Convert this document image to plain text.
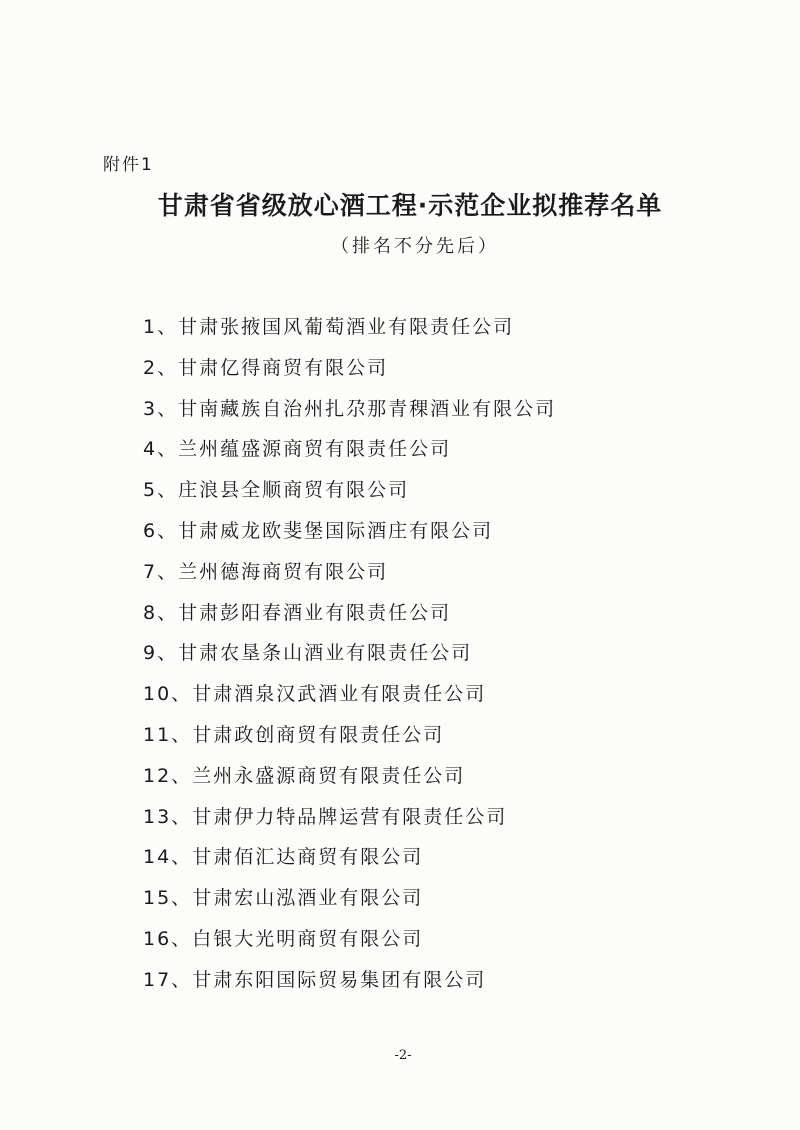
附件1
甘肃省省级放心酒工程·示范企业拟推荐名单
（排名不分先后）
1、甘肃张掖国风葡萄酒业有限责任公司
2、甘肃亿得商贸有限公司
3、甘南藏族自治州扎尕那青稞酒业有限公司
4、兰州蕴盛源商贸有限责任公司
5、庄浪县全顺商贸有限公司
6、甘肃威龙欧斐堡国际酒庄有限公司
7、兰州德海商贸有限公司
8、甘肃彭阳春酒业有限责任公司
9、甘肃农垦条山酒业有限责任公司
10、甘肃酒泉汉武酒业有限责任公司
11、甘肃政创商贸有限责任公司
12、兰州永盛源商贸有限责任公司
13、甘肃伊力特品牌运营有限责任公司
14、甘肃佰汇达商贸有限公司
15、甘肃宏山泓酒业有限公司
16、白银大光明商贸有限公司
17、甘肃东阳国际贸易集团有限公司
-2-
